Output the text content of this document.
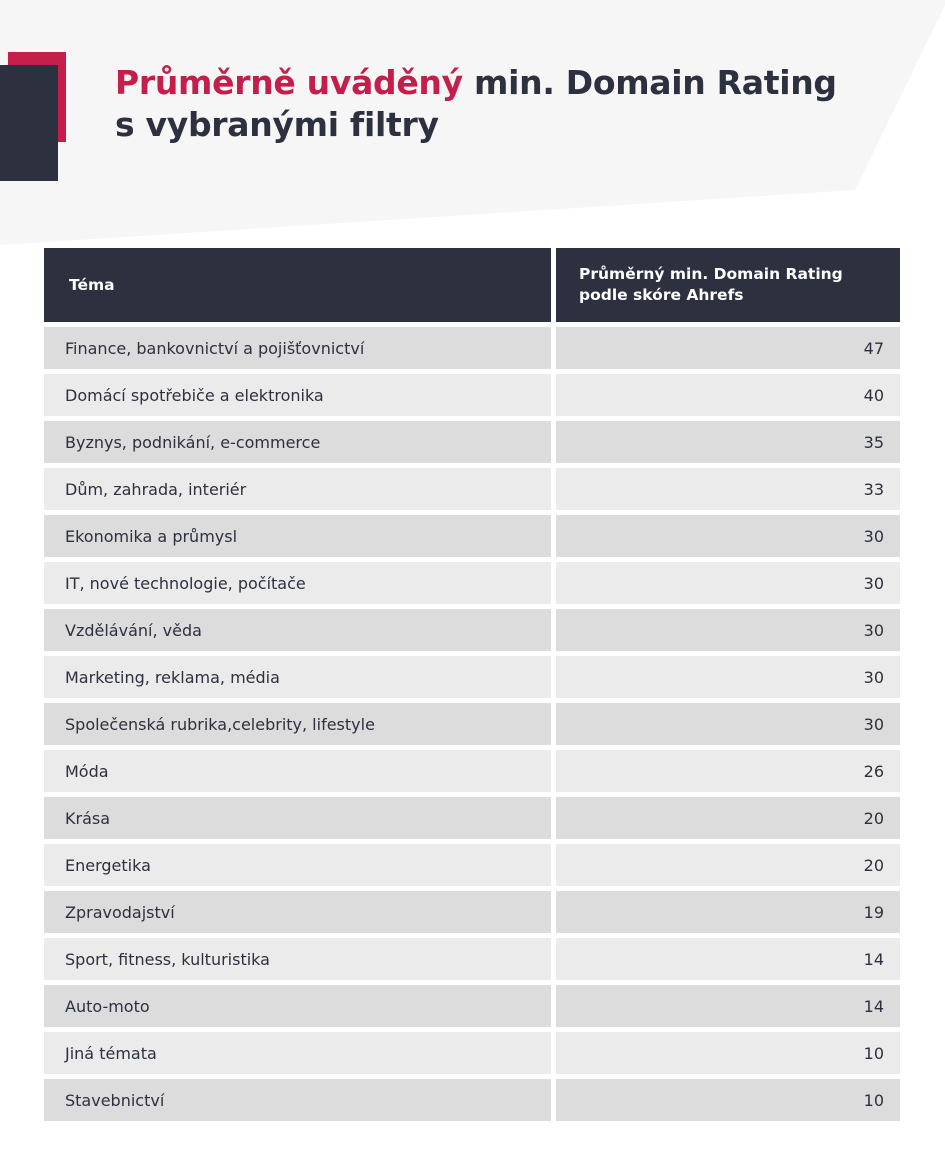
Průměrně uváděný min. Domain Rating
s vybranými filtry
Téma
Průměrný min. Domain Rating
podle skóre Ahrefs
Finance, bankovnictví a pojišťovnictví	47
Domácí spotřebiče a elektronika	40
Byznys, podnikání, e-commerce	35
Dům, zahrada, interiér	33
Ekonomika a průmysl	30
IT, nové technologie, počítače	30
Vzdělávání, věda	30
Marketing, reklama, média	30
Společenská rubrika,celebrity, lifestyle	30
Móda	26
Krása	20
Energetika	20
Zpravodajství	19
Sport, fitness, kulturistika	14
Auto-moto	14
Jiná témata	10
Stavebnictví	10
